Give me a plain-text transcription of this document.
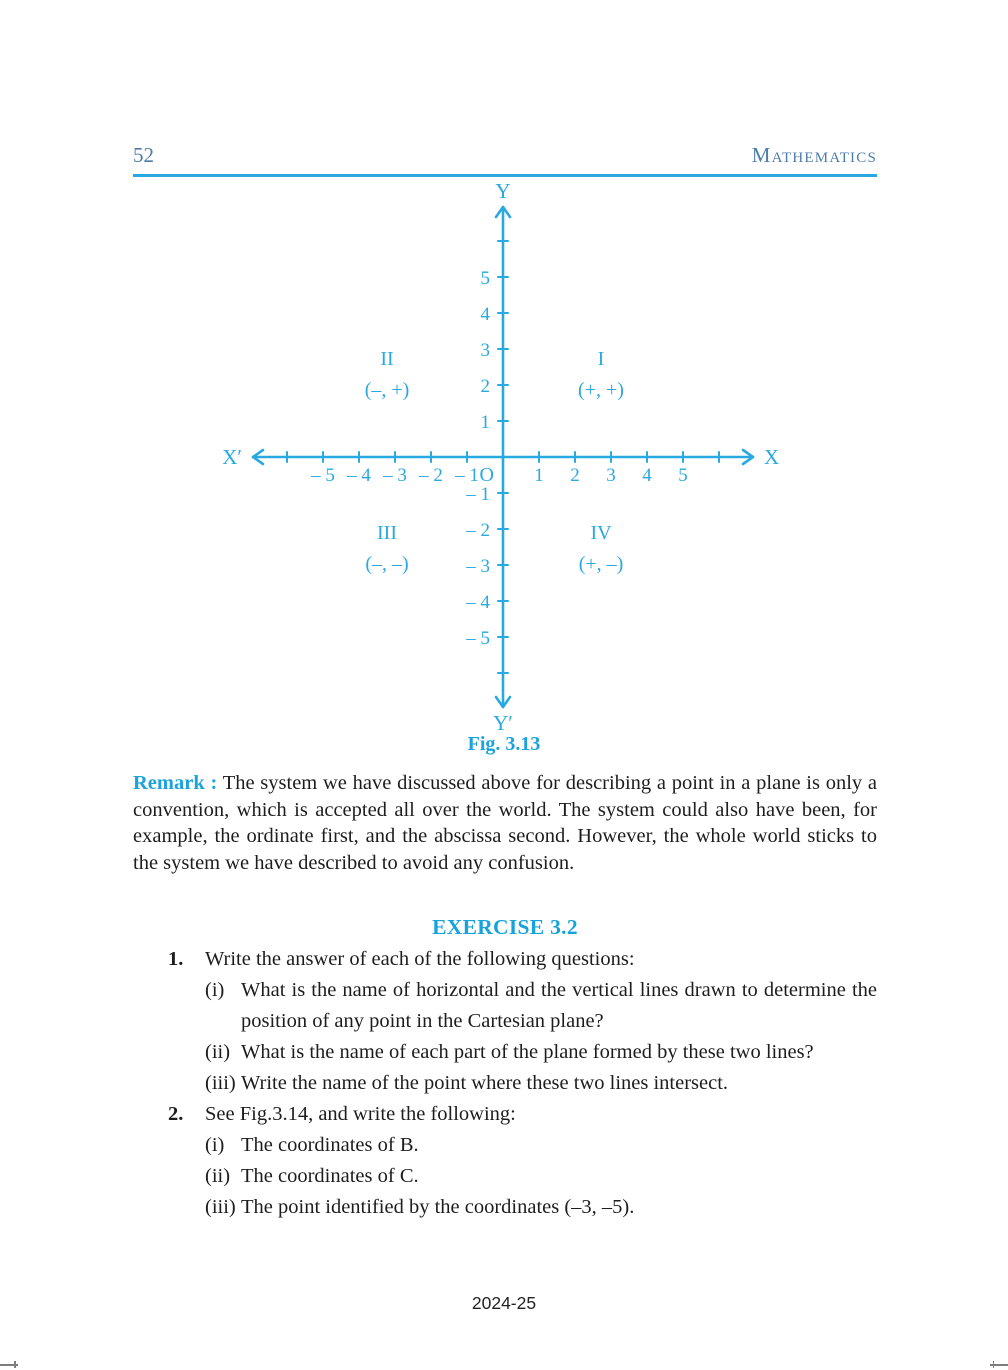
52	MATHEMATICS
– 5 – 4 – 3 – 2 – 1	1 2 3 4 5
– 5
– 4
– 3
– 2
– 1
1
2
3
4
5
O
X
X′
Y
Y′
I
(+, +)
II
(–, +)
III
(–, –)
IV
(+, –)
Fig. 3.13

Remark : The system we have discussed above for describing a point in a plane is only a convention, which is accepted all over the world. The system could also have been, for example, the ordinate first, and the abscissa second. However, the whole world sticks to the system we have described to avoid any confusion.

EXERCISE 3.2
1.	Write the answer of each of the following questions:
(i) What is the name of horizontal and the vertical lines drawn to determine the position of any point in the Cartesian plane?
(ii) What is the name of each part of the plane formed by these two lines?
(iii) Write the name of the point where these two lines intersect.
2.	See Fig.3.14, and write the following:
(i) The coordinates of B.
(ii) The coordinates of C.
(iii) The point identified by the coordinates (–3, –5).
2024-25
